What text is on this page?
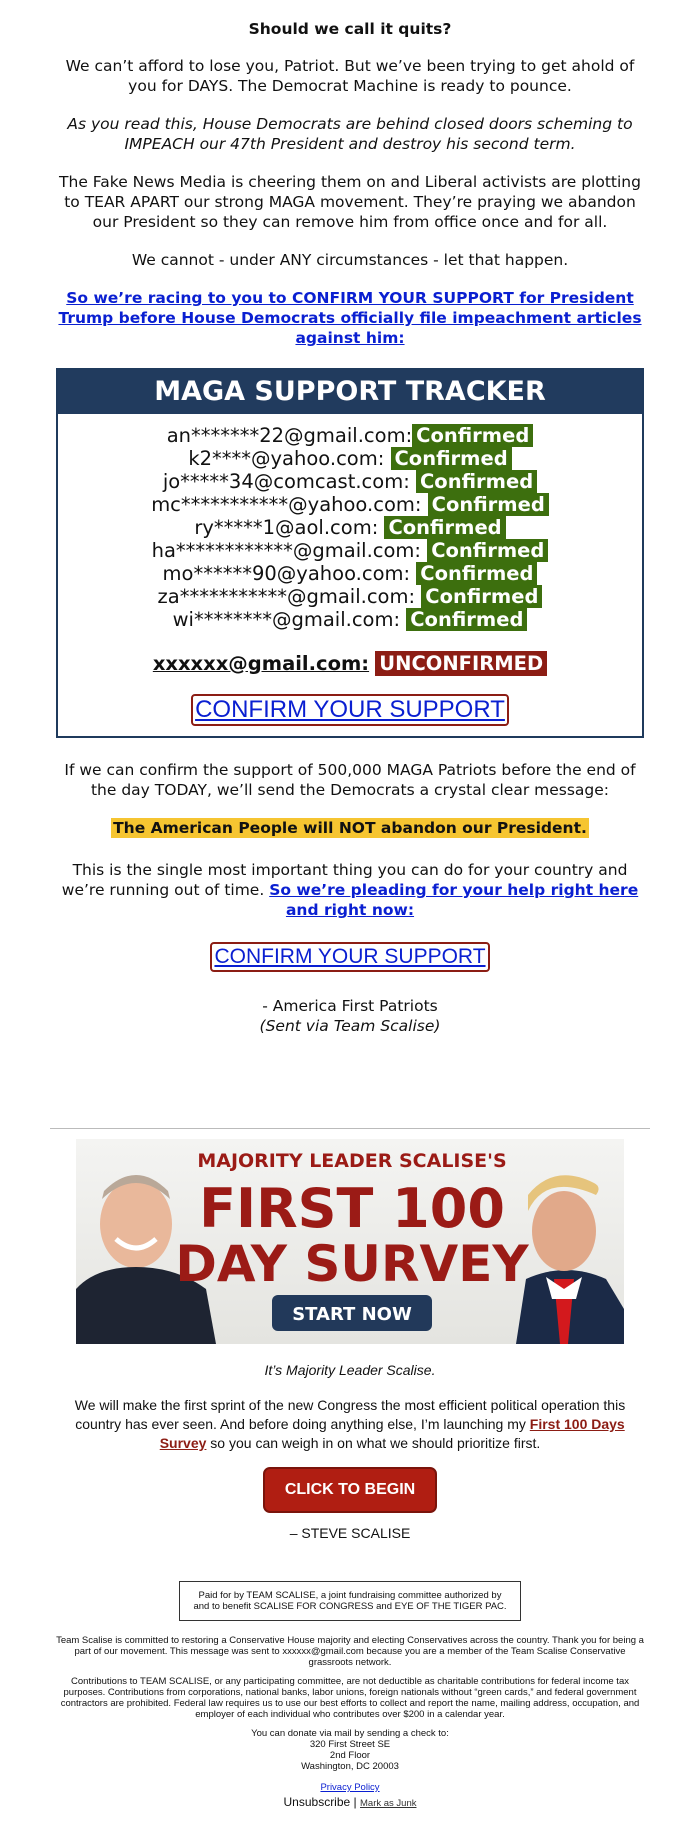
Should we call it quits?

We can’t afford to lose you, Patriot. But we’ve been trying to get ahold of you for DAYS. The Democrat Machine is ready to pounce.

As you read this, House Democrats are behind closed doors scheming to IMPEACH our 47th President and destroy his second term.

The Fake News Media is cheering them on and Liberal activists are plotting to TEAR APART our strong MAGA movement. They’re praying we abandon our President so they can remove him from office once and for all.

We cannot - under ANY circumstances - let that happen.

So we’re racing to you to CONFIRM YOUR SUPPORT for President Trump before House Democrats officially file impeachment articles against him:

MAGA SUPPORT TRACKER
an*******22@gmail.com: Confirmed
k2****@yahoo.com: Confirmed
jo*****34@comcast.com: Confirmed
mc***********@yahoo.com: Confirmed
ry*****1@aol.com: Confirmed
ha************@gmail.com: Confirmed
mo******90@yahoo.com: Confirmed
za***********@gmail.com: Confirmed
wi********@gmail.com: Confirmed
xxxxxx@gmail.com: UNCONFIRMED
CONFIRM YOUR SUPPORT

If we can confirm the support of 500,000 MAGA Patriots before the end of the day TODAY, we’ll send the Democrats a crystal clear message:

The American People will NOT abandon our President.

This is the single most important thing you can do for your country and we’re running out of time. So we’re pleading for your help right here and right now:

CONFIRM YOUR SUPPORT

- America First Patriots
(Sent via Team Scalise)
MAJORITY LEADER SCALISE'S
FIRST 100
DAY SURVEY
START NOW

It’s Majority Leader Scalise.

We will make the first sprint of the new Congress the most efficient political operation this country has ever seen. And before doing anything else, I’m launching my First 100 Days Survey so you can weigh in on what we should prioritize first.

CLICK TO BEGIN
– STEVE SCALISE
Paid for by TEAM SCALISE, a joint fundraising committee authorized by and to benefit SCALISE FOR CONGRESS and EYE OF THE TIGER PAC.

Team Scalise is committed to restoring a Conservative House majority and electing Conservatives across the country. Thank you for being a part of our movement. This message was sent to xxxxxx@gmail.com because you are a member of the Team Scalise Conservative grassroots network.

Contributions to TEAM SCALISE, or any participating committee, are not deductible as charitable contributions for federal income tax purposes. Contributions from corporations, national banks, labor unions, foreign nationals without “green cards,” and federal government contractors are prohibited. Federal law requires us to use our best efforts to collect and report the name, mailing address, occupation, and employer of each individual who contributes over $200 in a calendar year.

You can donate via mail by sending a check to:
320 First Street SE
2nd Floor
Washington, DC 20003

Privacy Policy
Unsubscribe | Mark as Junk
